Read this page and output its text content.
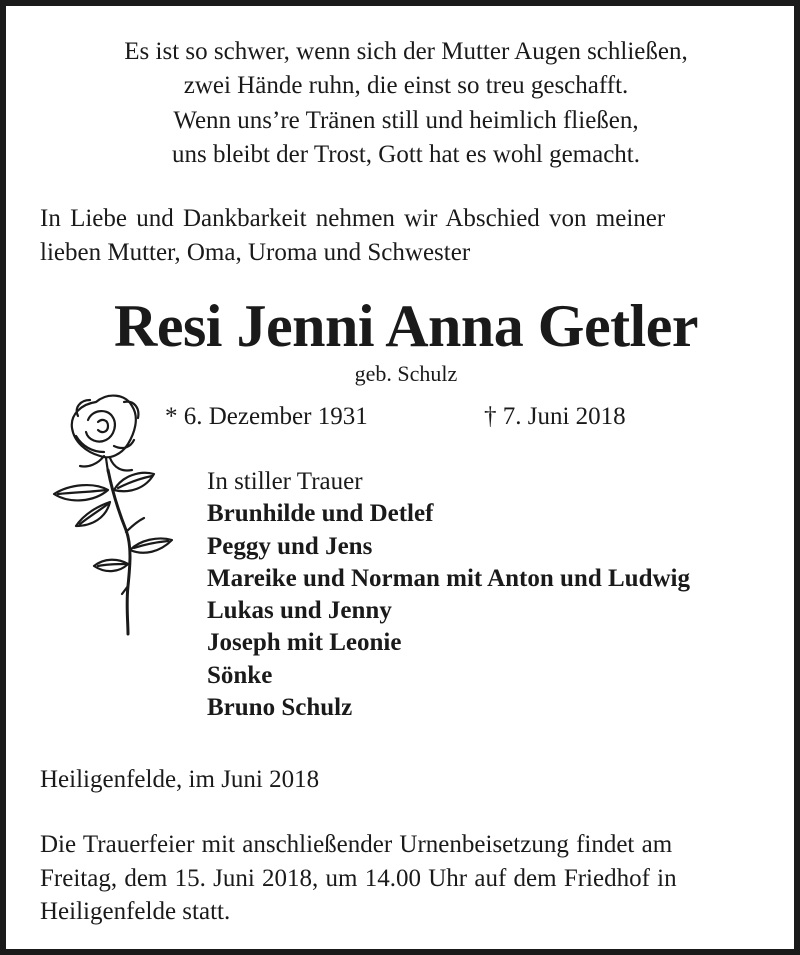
Es ist so schwer, wenn sich der Mutter Augen schließen,
zwei Hände ruhn, die einst so treu geschafft.
Wenn uns’re Tränen still und heimlich fließen,
uns bleibt der Trost, Gott hat es wohl gemacht.
In Liebe und Dankbarkeit nehmen wir Abschied von meiner
lieben Mutter, Oma, Uroma und Schwester
Resi Jenni Anna Getler
geb. Schulz
* 6. Dezember 1931	† 7. Juni 2018
In stiller Trauer
Brunhilde und Detlef
Peggy und Jens
Mareike und Norman mit Anton und Ludwig
Lukas und Jenny
Joseph mit Leonie
Sönke
Bruno Schulz
Heiligenfelde, im Juni 2018
Die Trauerfeier mit anschließender Urnenbeisetzung findet am
Freitag, dem 15. Juni 2018, um 14.00 Uhr auf dem Friedhof in
Heiligenfelde statt.
